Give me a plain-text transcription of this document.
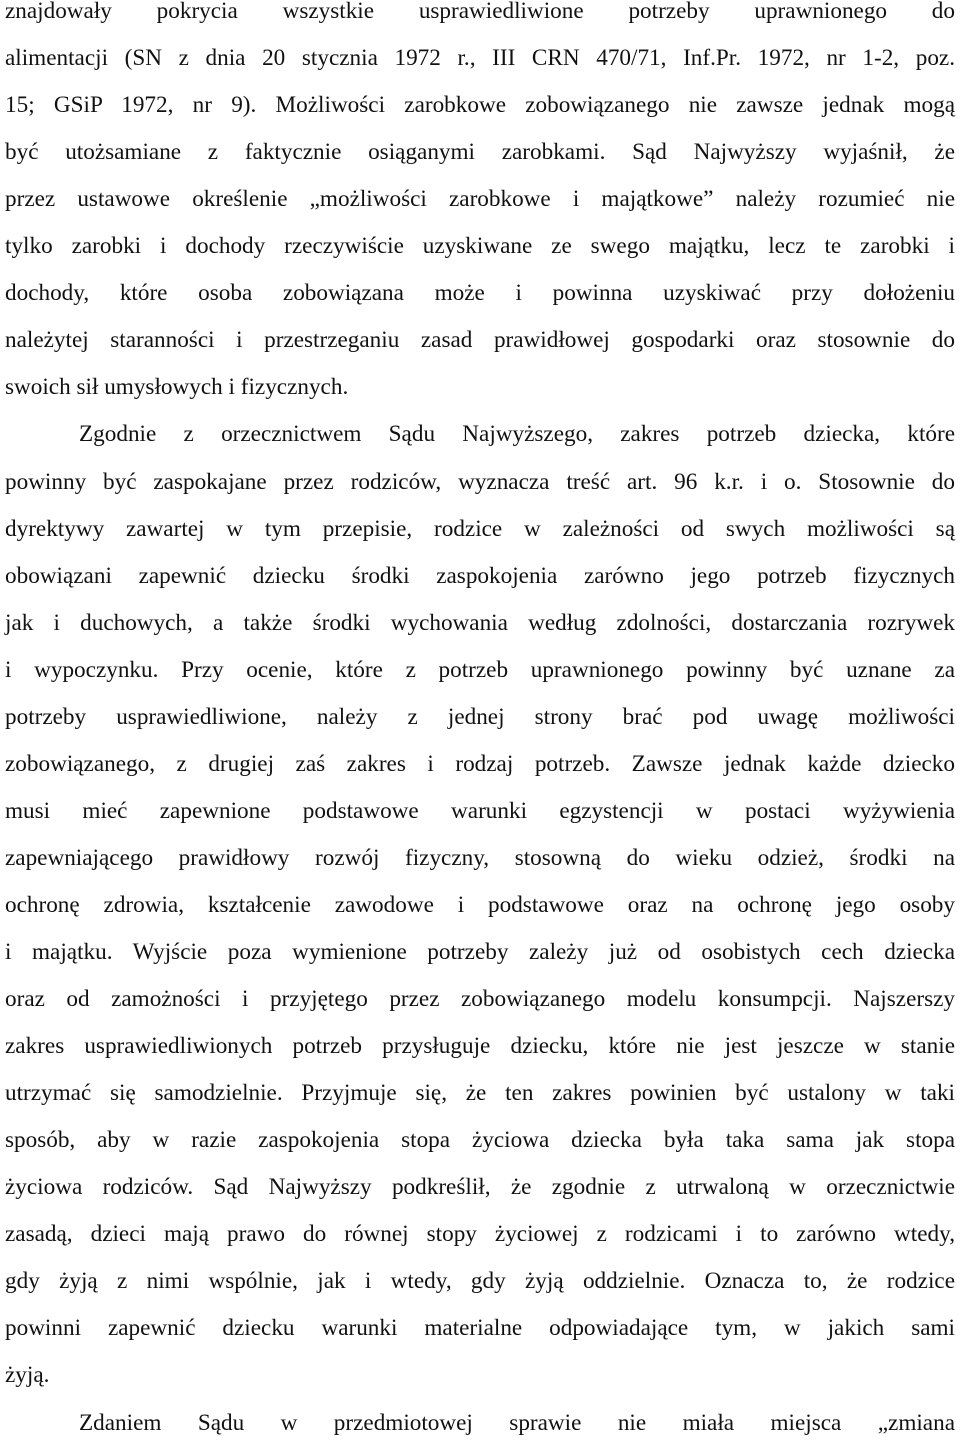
znajdowały pokrycia wszystkie usprawiedliwione potrzeby uprawnionego do
alimentacji (SN z dnia 20 stycznia 1972 r., III CRN 470/71, Inf.Pr. 1972, nr 1-2, poz.
15; GSiP 1972, nr 9). Możliwości zarobkowe zobowiązanego nie zawsze jednak mogą
być utożsamiane z faktycznie osiąganymi zarobkami. Sąd Najwyższy wyjaśnił, że
przez ustawowe określenie „możliwości zarobkowe i majątkowe” należy rozumieć nie
tylko zarobki i dochody rzeczywiście uzyskiwane ze swego majątku, lecz te zarobki i
dochody, które osoba zobowiązana może i powinna uzyskiwać przy dołożeniu
należytej staranności i przestrzeganiu zasad prawidłowej gospodarki oraz stosownie do
swoich sił umysłowych i fizycznych.
Zgodnie z orzecznictwem Sądu Najwyższego, zakres potrzeb dziecka, które
powinny być zaspokajane przez rodziców, wyznacza treść art. 96 k.r. i o. Stosownie do
dyrektywy zawartej w tym przepisie, rodzice w zależności od swych możliwości są
obowiązani zapewnić dziecku środki zaspokojenia zarówno jego potrzeb fizycznych
jak i duchowych, a także środki wychowania według zdolności, dostarczania rozrywek
i wypoczynku. Przy ocenie, które z potrzeb uprawnionego powinny być uznane za
potrzeby usprawiedliwione, należy z jednej strony brać pod uwagę możliwości
zobowiązanego, z drugiej zaś zakres i rodzaj potrzeb. Zawsze jednak każde dziecko
musi mieć zapewnione podstawowe warunki egzystencji w postaci wyżywienia
zapewniającego prawidłowy rozwój fizyczny, stosowną do wieku odzież, środki na
ochronę zdrowia, kształcenie zawodowe i podstawowe oraz na ochronę jego osoby
i majątku. Wyjście poza wymienione potrzeby zależy już od osobistych cech dziecka
oraz od zamożności i przyjętego przez zobowiązanego modelu konsumpcji. Najszerszy
zakres usprawiedliwionych potrzeb przysługuje dziecku, które nie jest jeszcze w stanie
utrzymać się samodzielnie. Przyjmuje się, że ten zakres powinien być ustalony w taki
sposób, aby w razie zaspokojenia stopa życiowa dziecka była taka sama jak stopa
życiowa rodziców. Sąd Najwyższy podkreślił, że zgodnie z utrwaloną w orzecznictwie
zasadą, dzieci mają prawo do równej stopy życiowej z rodzicami i to zarówno wtedy,
gdy żyją z nimi wspólnie, jak i wtedy, gdy żyją oddzielnie. Oznacza to, że rodzice
powinni zapewnić dziecku warunki materialne odpowiadające tym, w jakich sami
żyją.
Zdaniem Sądu w przedmiotowej sprawie nie miała miejsca „zmiana
